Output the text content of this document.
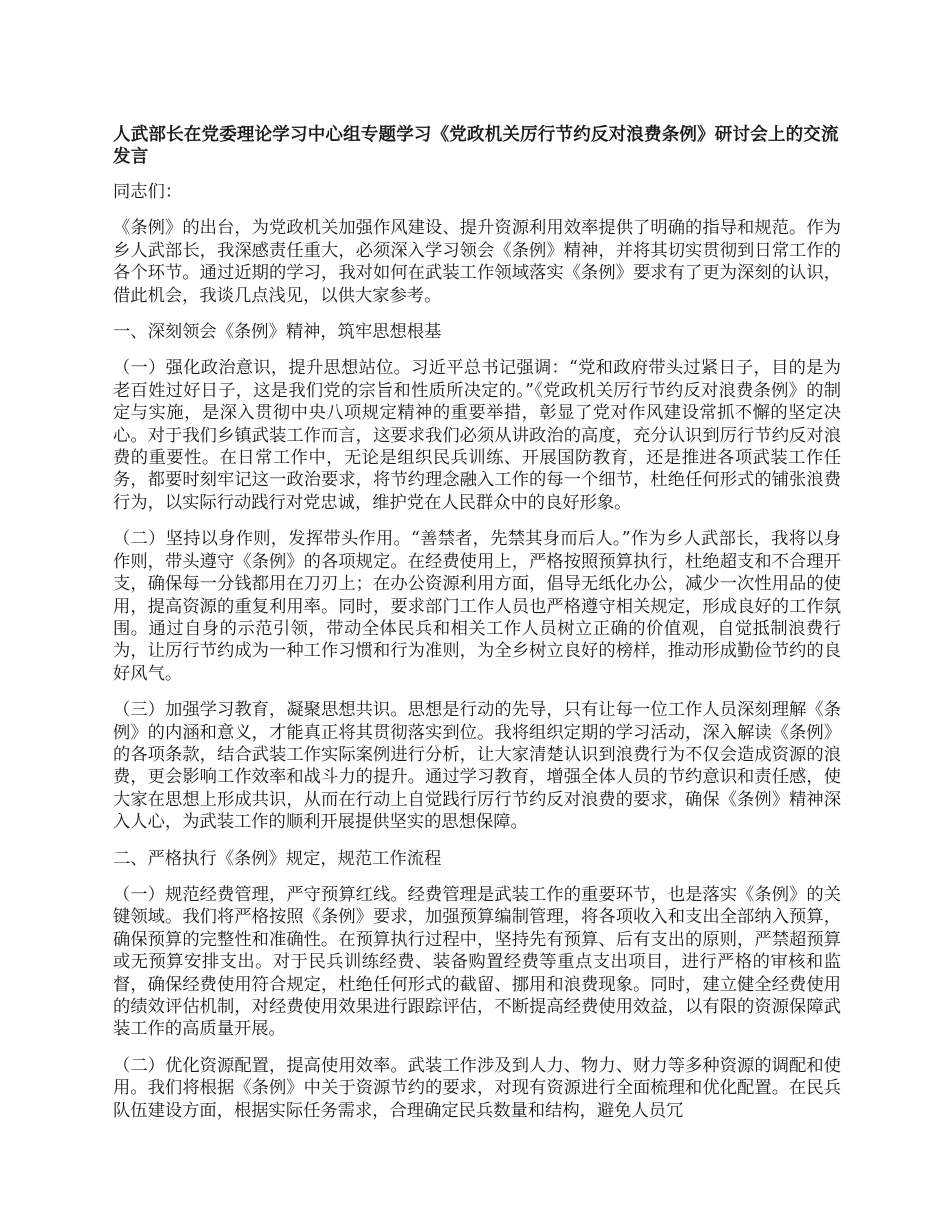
人武部长在党委理论学习中心组专题学习《党政机关厉行节约反对浪费条例》研讨会上的交流发言

同志们：

《条例》的出台，为党政机关加强作风建设、提升资源利用效率提供了明确的指导和规范。作为乡人武部长，我深感责任重大，必须深入学习领会《条例》精神，并将其切实贯彻到日常工作的各个环节。通过近期的学习，我对如何在武装工作领域落实《条例》要求有了更为深刻的认识，借此机会，我谈几点浅见，以供大家参考。

一、深刻领会《条例》精神，筑牢思想根基

（一）强化政治意识，提升思想站位。习近平总书记强调：“党和政府带头过紧日子，目的是为老百姓过好日子，这是我们党的宗旨和性质所决定的。”《党政机关厉行节约反对浪费条例》的制定与实施，是深入贯彻中央八项规定精神的重要举措，彰显了党对作风建设常抓不懈的坚定决心。对于我们乡镇武装工作而言，这要求我们必须从讲政治的高度，充分认识到厉行节约反对浪费的重要性。在日常工作中，无论是组织民兵训练、开展国防教育，还是推进各项武装工作任务，都要时刻牢记这一政治要求，将节约理念融入工作的每一个细节，杜绝任何形式的铺张浪费行为，以实际行动践行对党忠诚，维护党在人民群众中的良好形象。

（二）坚持以身作则，发挥带头作用。“善禁者，先禁其身而后人。”作为乡人武部长，我将以身作则，带头遵守《条例》的各项规定。在经费使用上，严格按照预算执行，杜绝超支和不合理开支，确保每一分钱都用在刀刃上；在办公资源利用方面，倡导无纸化办公，减少一次性用品的使用，提高资源的重复利用率。同时，要求部门工作人员也严格遵守相关规定，形成良好的工作氛围。通过自身的示范引领，带动全体民兵和相关工作人员树立正确的价值观，自觉抵制浪费行为，让厉行节约成为一种工作习惯和行为准则，为全乡树立良好的榜样，推动形成勤俭节约的良好风气。

（三）加强学习教育，凝聚思想共识。思想是行动的先导，只有让每一位工作人员深刻理解《条例》的内涵和意义，才能真正将其贯彻落实到位。我将组织定期的学习活动，深入解读《条例》的各项条款，结合武装工作实际案例进行分析，让大家清楚认识到浪费行为不仅会造成资源的浪费，更会影响工作效率和战斗力的提升。通过学习教育，增强全体人员的节约意识和责任感，使大家在思想上形成共识，从而在行动上自觉践行厉行节约反对浪费的要求，确保《条例》精神深入人心，为武装工作的顺利开展提供坚实的思想保障。

二、严格执行《条例》规定，规范工作流程

（一）规范经费管理，严守预算红线。经费管理是武装工作的重要环节，也是落实《条例》的关键领域。我们将严格按照《条例》要求，加强预算编制管理，将各项收入和支出全部纳入预算，确保预算的完整性和准确性。在预算执行过程中，坚持先有预算、后有支出的原则，严禁超预算或无预算安排支出。对于民兵训练经费、装备购置经费等重点支出项目，进行严格的审核和监督，确保经费使用符合规定，杜绝任何形式的截留、挪用和浪费现象。同时，建立健全经费使用的绩效评估机制，对经费使用效果进行跟踪评估，不断提高经费使用效益，以有限的资源保障武装工作的高质量开展。

（二）优化资源配置，提高使用效率。武装工作涉及到人力、物力、财力等多种资源的调配和使用。我们将根据《条例》中关于资源节约的要求，对现有资源进行全面梳理和优化配置。在民兵队伍建设方面，根据实际任务需求，合理确定民兵数量和结构，避免人员冗
